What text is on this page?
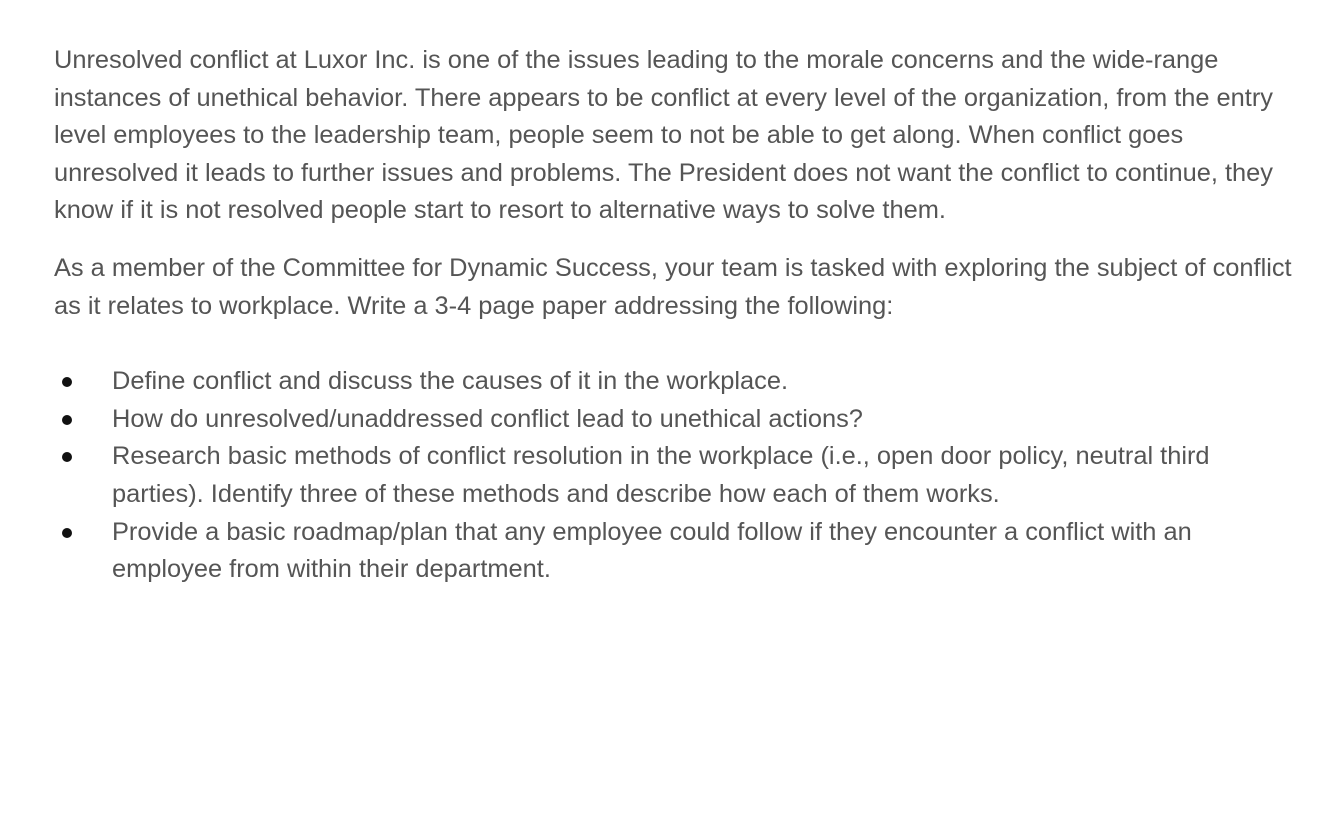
Unresolved conflict at Luxor Inc. is one of the issues leading to the morale concerns and the wide-range instances of unethical behavior. There appears to be conflict at every level of the organization, from the entry level employees to the leadership team, people seem to not be able to get along. When conflict goes unresolved it leads to further issues and problems. The President does not want the conflict to continue, they know if it is not resolved people start to resort to alternative ways to solve them.

As a member of the Committee for Dynamic Success, your team is tasked with exploring the subject of conflict as it relates to workplace. Write a 3-4 page paper addressing the following:

Define conflict and discuss the causes of it in the workplace.
How do unresolved/unaddressed conflict lead to unethical actions?
Research basic methods of conflict resolution in the workplace (i.e., open door policy, neutral third parties). Identify three of these methods and describe how each of them works.
Provide a basic roadmap/plan that any employee could follow if they encounter a conflict with an employee from within their department.
